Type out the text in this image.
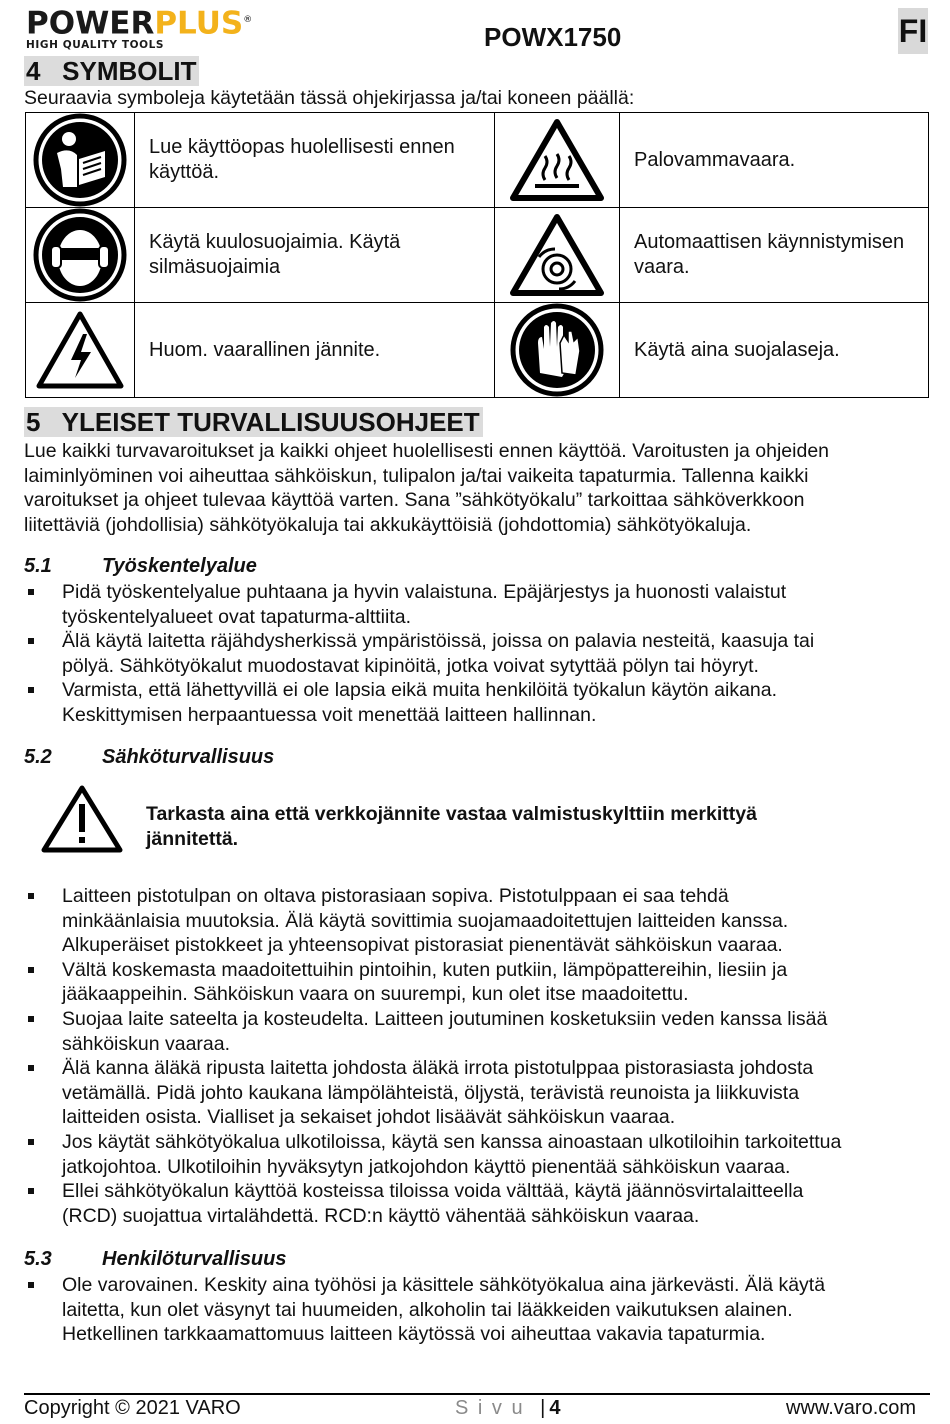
POWERPLUS®
HIGH QUALITY TOOLS	POWX1750	FI
4   SYMBOLIT
Seuraavia symboleja käytetään tässä ohjekirjassa ja/tai koneen päällä:
	Lue käyttöopas huolellisesti ennen käyttöä.		Palovammavaara.

	Käytä kuulosuojaimia. Käytä silmäsuojaimia		Automaattisen käynnistymisen vaara.

	Huom. vaarallinen jännite.		Käytä aina suojalaseja.
5   YLEISET TURVALLISUUSOHJEET
Lue kaikki turvavaroitukset ja kaikki ohjeet huolellisesti ennen käyttöä. Varoitusten ja ohjeiden
laiminlyöminen voi aiheuttaa sähköiskun, tulipalon ja/tai vaikeita tapaturmia. Tallenna kaikki
varoitukset ja ohjeet tulevaa käyttöä varten. Sana ”sähkötyökalu” tarkoittaa sähköverkkoon
liitettäviä (johdollisia) sähkötyökaluja tai akkukäyttöisiä (johdottomia) sähkötyökaluja.
5.1	Työskentelyalue
Pidä työskentelyalue puhtaana ja hyvin valaistuna. Epäjärjestys ja huonosti valaistut
työskentelyalueet ovat tapaturma-alttiita.
Älä käytä laitetta räjähdysherkissä ympäristöissä, joissa on palavia nesteitä, kaasuja tai
pölyä. Sähkötyökalut muodostavat kipinöitä, jotka voivat sytyttää pölyn tai höyryt.
Varmista, että lähettyvillä ei ole lapsia eikä muita henkilöitä työkalun käytön aikana.
Keskittymisen herpaantuessa voit menettää laitteen hallinnan.
5.2	Sähköturvallisuus
Tarkasta aina että verkkojännite vastaa valmistuskylttiin merkittyä
jännitettä.
Laitteen pistotulpan on oltava pistorasiaan sopiva. Pistotulppaan ei saa tehdä
minkäänlaisia muutoksia. Älä käytä sovittimia suojamaadoitettujen laitteiden kanssa.
Alkuperäiset pistokkeet ja yhteensopivat pistorasiat pienentävät sähköiskun vaaraa.
Vältä koskemasta maadoitettuihin pintoihin, kuten putkiin, lämpöpattereihin, liesiin ja
jääkaappeihin. Sähköiskun vaara on suurempi, kun olet itse maadoitettu.
Suojaa laite sateelta ja kosteudelta. Laitteen joutuminen kosketuksiin veden kanssa lisää
sähköiskun vaaraa.
Älä kanna äläkä ripusta laitetta johdosta äläkä irrota pistotulppaa pistorasiasta johdosta
vetämällä. Pidä johto kaukana lämpölähteistä, öljystä, terävistä reunoista ja liikkuvista
laitteiden osista. Vialliset ja sekaiset johdot lisäävät sähköiskun vaaraa.
Jos käytät sähkötyökalua ulkotiloissa, käytä sen kanssa ainoastaan ulkotiloihin tarkoitettua
jatkojohtoa. Ulkotiloihin hyväksytyn jatkojohdon käyttö pienentää sähköiskun vaaraa.
Ellei sähkötyökalun käyttöä kosteissa tiloissa voida välttää, käytä jäännösvirtalaitteella
(RCD) suojattua virtalähdettä. RCD:n käyttö vähentää sähköiskun vaaraa.
5.3	Henkilöturvallisuus
Ole varovainen. Keskity aina työhösi ja käsittele sähkötyökalua aina järkevästi. Älä käytä
laitetta, kun olet väsynyt tai huumeiden, alkoholin tai lääkkeiden vaikutuksen alainen.
Hetkellinen tarkkaamattomuus laitteen käytössä voi aiheuttaa vakavia tapaturmia.
Copyright © 2021 VARO	S i v u | 4	www.varo.com
